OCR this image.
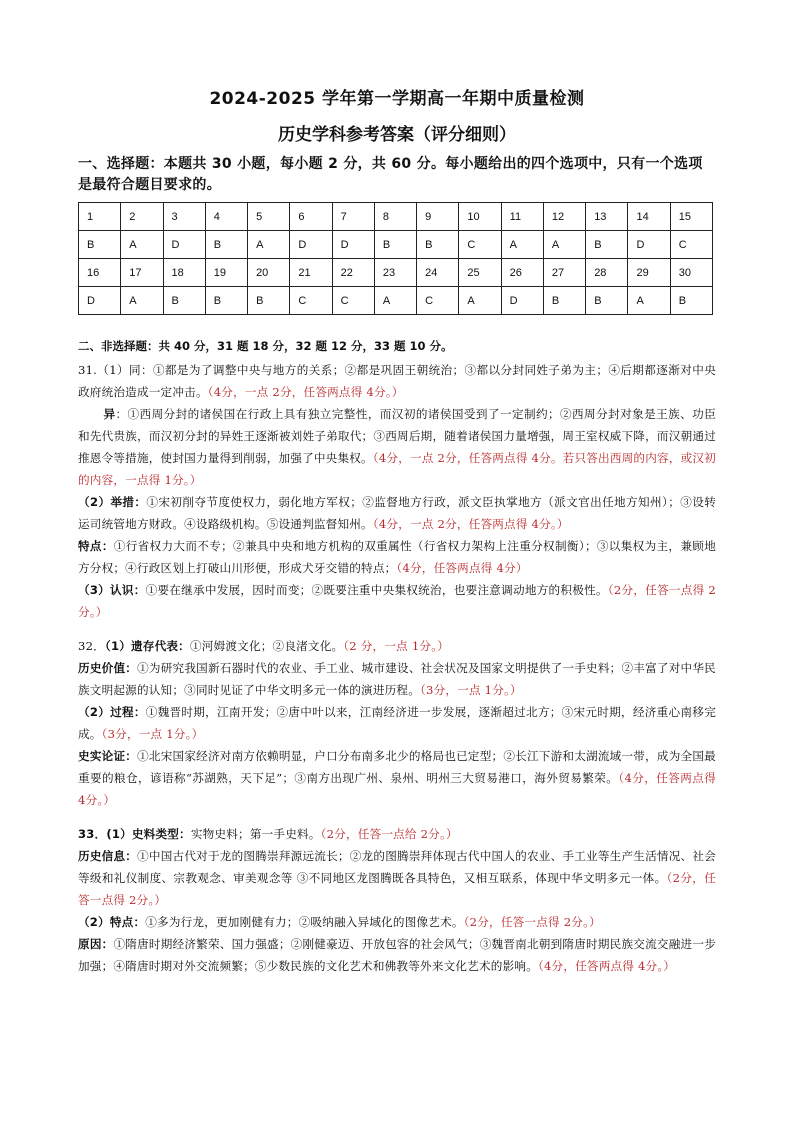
2024-2025 学年第一学期高一年期中质量检测
历史学科参考答案（评分细则）
一、选择题：本题共 30 小题，每小题 2 分，共 60 分。每小题给出的四个选项中，只有一个选项是最符合题目要求的。
1	2	3	4	5	6	7	8	9	10	11	12	13	14	15
B	A	D	B	A	D	D	B	B	C	A	A	B	D	C
16	17	18	19	20	21	22	23	24	25	26	27	28	29	30
D	A	B	B	B	C	C	A	C	A	D	B	B	A	B
二、非选择题：共 40 分，31 题 18 分，32 题 12 分，33 题 10 分。

31.（1）同：①都是为了调整中央与地方的关系；②都是巩固王朝统治；③都以分封同姓子弟为主；④后期都逐渐对中央政府统治造成一定冲击。（4分，一点 2分，任答两点得 4分。）

异：①西周分封的诸侯国在行政上具有独立完整性，而汉初的诸侯国受到了一定制约；②西周分封对象是王族、功臣和先代贵族，而汉初分封的异姓王逐渐被刘姓子弟取代；③西周后期，随着诸侯国力量增强，周王室权威下降，而汉朝通过推恩令等措施，使封国力量得到削弱，加强了中央集权。（4分，一点 2分，任答两点得 4分。若只答出西周的内容，或汉初的内容，一点得 1分。）

（2）举措：①宋初削夺节度使权力，弱化地方军权；②监督地方行政，派文臣执掌地方（派文官出任地方知州）；③设转运司统管地方财政。④设路级机构。⑤设通判监督知州。（4分，一点 2分，任答两点得 4分。）

特点：①行省权力大而不专；②兼具中央和地方机构的双重属性（行省权力架构上注重分权制衡）；③以集权为主，兼顾地方分权；④行政区划上打破山川形便，形成犬牙交错的特点；（4分，任答两点得 4分）

（3）认识：①要在继承中发展，因时而变；②既要注重中央集权统治，也要注意调动地方的积极性。（2分，任答一点得 2分。）

32．（1）遗存代表：①河姆渡文化；②良渚文化。（2 分，一点 1分。）

历史价值：①为研究我国新石器时代的农业、手工业、城市建设、社会状况及国家文明提供了一手史料；②丰富了对中华民族文明起源的认知；③同时见证了中华文明多元一体的演进历程。（3分，一点 1分。）

（2）过程：①魏晋时期，江南开发；②唐中叶以来，江南经济进一步发展，逐渐超过北方；③宋元时期，经济重心南移完成。（3分，一点 1分。）

史实论证：①北宋国家经济对南方依赖明显，户口分布南多北少的格局也已定型；②长江下游和太湖流域一带，成为全国最重要的粮仓，谚语称“苏湖熟，天下足”；③南方出现广州、泉州、明州三大贸易港口，海外贸易繁荣。（4分，任答两点得 4分。）

33．(1）史料类型：实物史料；第一手史料。（2分，任答一点给 2分。）

历史信息：①中国古代对于龙的图腾崇拜源远流长；②龙的图腾崇拜体现古代中国人的农业、手工业等生产生活情况、社会等级和礼仪制度、宗教观念、审美观念等 ③不同地区龙图腾既各具特色，又相互联系，体现中华文明多元一体。（2分，任答一点得 2分。）

（2）特点：①多为行龙，更加刚健有力；②吸纳融入异域化的图像艺术。（2分，任答一点得 2分。）

原因：①隋唐时期经济繁荣、国力强盛；②刚健豪迈、开放包容的社会风气；③魏晋南北朝到隋唐时期民族交流交融进一步加强；④隋唐时期对外交流频繁；⑤少数民族的文化艺术和佛教等外来文化艺术的影响。（4分，任答两点得 4分。）
